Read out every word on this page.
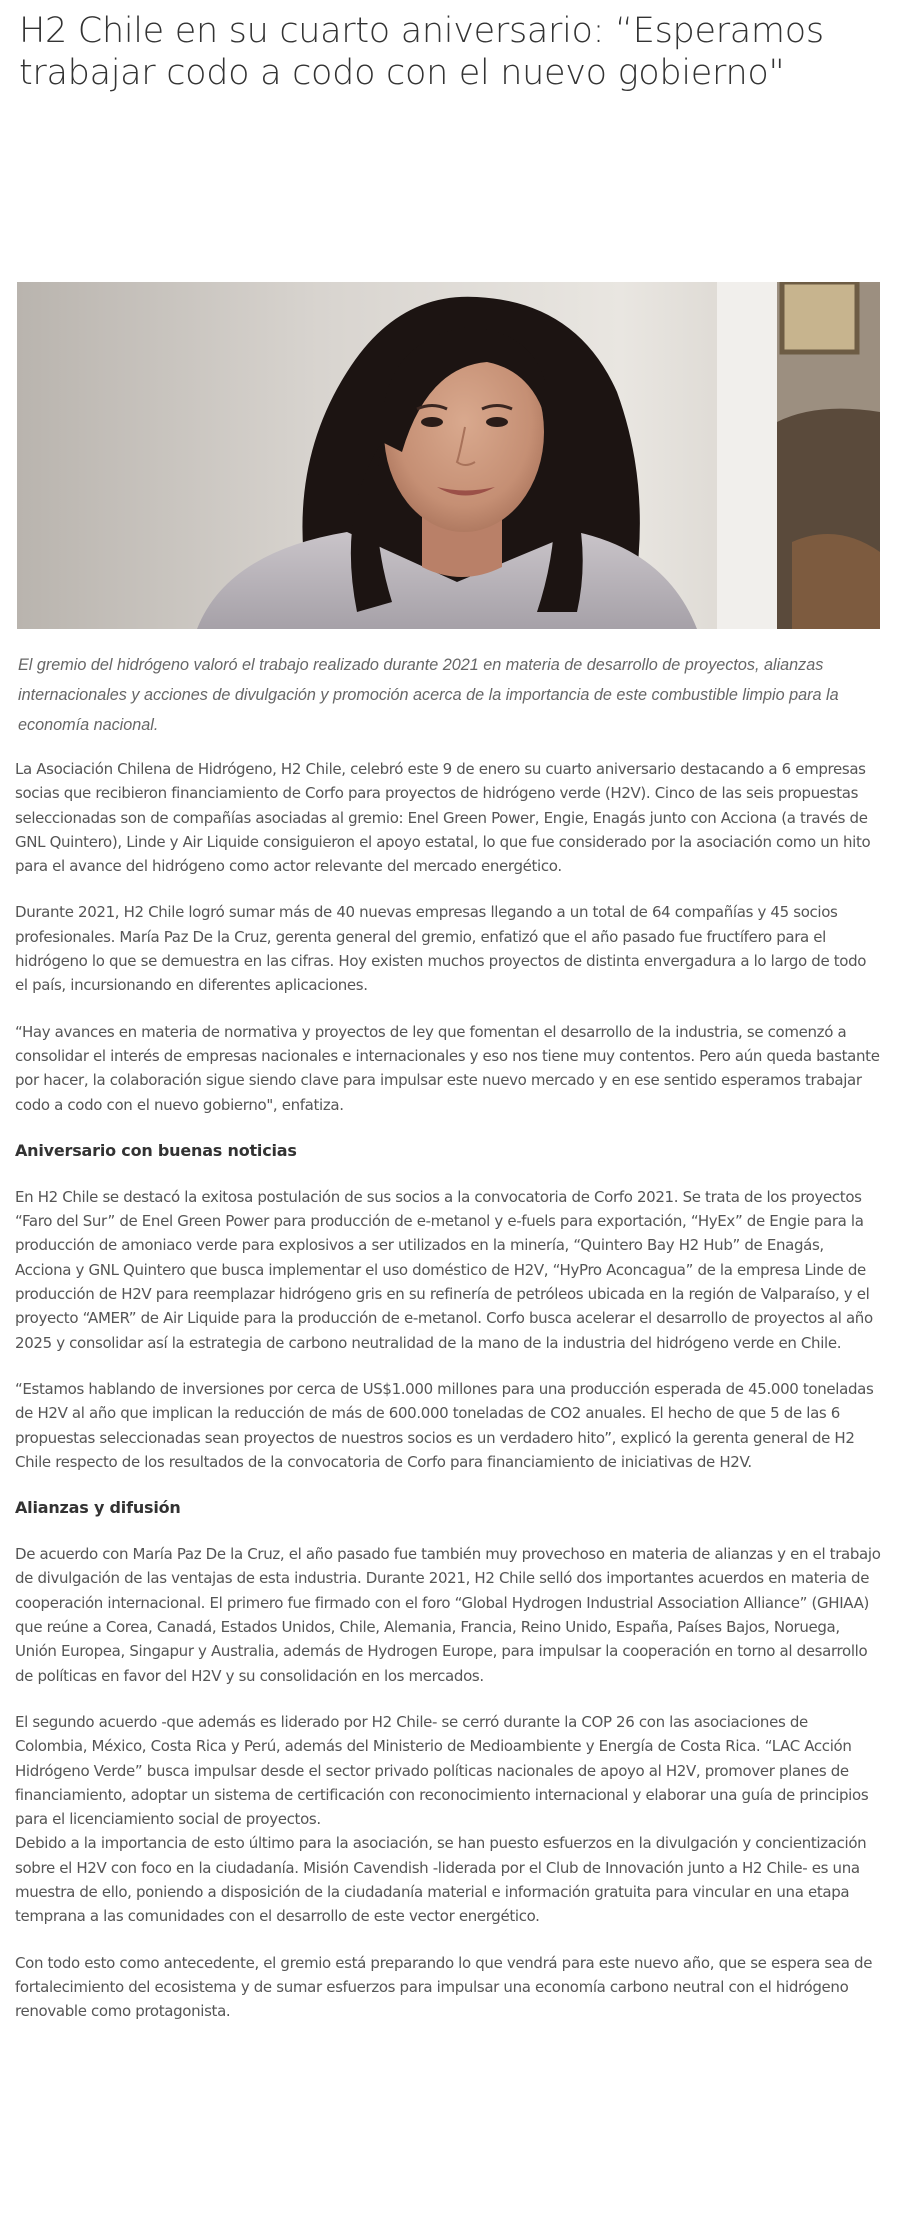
H2 Chile en su cuarto aniversario: “Esperamos trabajar codo a codo con el nuevo gobierno"

El gremio del hidrógeno valoró el trabajo realizado durante 2021 en materia de desarrollo de proyectos, alianzas internacionales y acciones de divulgación y promoción acerca de la importancia de este combustible limpio para la economía nacional.

La Asociación Chilena de Hidrógeno, H2 Chile, celebró este 9 de enero su cuarto aniversario destacando a 6 empresas socias que recibieron financiamiento de Corfo para proyectos de hidrógeno verde (H2V). Cinco de las seis propuestas seleccionadas son de compañías asociadas al gremio: Enel Green Power, Engie, Enagás junto con Acciona (a través de GNL Quintero), Linde y Air Liquide consiguieron el apoyo estatal, lo que fue considerado por la asociación como un hito para el avance del hidrógeno como actor relevante del mercado energético.

Durante 2021, H2 Chile logró sumar más de 40 nuevas empresas llegando a un total de 64 compañías y 45 socios profesionales. María Paz De la Cruz, gerenta general del gremio, enfatizó que el año pasado fue fructífero para el hidrógeno lo que se demuestra en las cifras. Hoy existen muchos proyectos de distinta envergadura a lo largo de todo el país, incursionando en diferentes aplicaciones.

“Hay avances en materia de normativa y proyectos de ley que fomentan el desarrollo de la industria, se comenzó a consolidar el interés de empresas nacionales e internacionales y eso nos tiene muy contentos. Pero aún queda bastante por hacer, la colaboración sigue siendo clave para impulsar este nuevo mercado y en ese sentido esperamos trabajar codo a codo con el nuevo gobierno", enfatiza.

Aniversario con buenas noticias

En H2 Chile se destacó la exitosa postulación de sus socios a la convocatoria de Corfo 2021. Se trata de los proyectos “Faro del Sur” de Enel Green Power para producción de e-metanol y e-fuels para exportación, “HyEx” de Engie para la producción de amoniaco verde para explosivos a ser utilizados en la minería, “Quintero Bay H2 Hub” de Enagás, Acciona y GNL Quintero que busca implementar el uso doméstico de H2V, “HyPro Aconcagua” de la empresa Linde de producción de H2V para reemplazar hidrógeno gris en su refinería de petróleos ubicada en la región de Valparaíso, y el proyecto “AMER” de Air Liquide para la producción de e-metanol. Corfo busca acelerar el desarrollo de proyectos al año 2025 y consolidar así la estrategia de carbono neutralidad de la mano de la industria del hidrógeno verde en Chile.

“Estamos hablando de inversiones por cerca de US$1.000 millones para una producción esperada de 45.000 toneladas de H2V al año que implican la reducción de más de 600.000 toneladas de CO2 anuales. El hecho de que 5 de las 6 propuestas seleccionadas sean proyectos de nuestros socios es un verdadero hito”, explicó la gerenta general de H2 Chile respecto de los resultados de la convocatoria de Corfo para financiamiento de iniciativas de H2V.

Alianzas y difusión

De acuerdo con María Paz De la Cruz, el año pasado fue también muy provechoso en materia de alianzas y en el trabajo de divulgación de las ventajas de esta industria. Durante 2021, H2 Chile selló dos importantes acuerdos en materia de cooperación internacional. El primero fue firmado con el foro “Global Hydrogen Industrial Association Alliance” (GHIAA) que reúne a Corea, Canadá, Estados Unidos, Chile, Alemania, Francia, Reino Unido, España, Países Bajos, Noruega, Unión Europea, Singapur y Australia, además de Hydrogen Europe, para impulsar la cooperación en torno al desarrollo de políticas en favor del H2V y su consolidación en los mercados.

El segundo acuerdo -que además es liderado por H2 Chile- se cerró durante la COP 26 con las asociaciones de Colombia, México, Costa Rica y Perú, además del Ministerio de Medioambiente y Energía de Costa Rica. “LAC Acción Hidrógeno Verde” busca impulsar desde el sector privado políticas nacionales de apoyo al H2V, promover planes de financiamiento, adoptar un sistema de certificación con reconocimiento internacional y elaborar una guía de principios para el licenciamiento social de proyectos.

Debido a la importancia de esto último para la asociación, se han puesto esfuerzos en la divulgación y concientización sobre el H2V con foco en la ciudadanía. Misión Cavendish -liderada por el Club de Innovación junto a H2 Chile- es una muestra de ello, poniendo a disposición de la ciudadanía material e información gratuita para vincular en una etapa temprana a las comunidades con el desarrollo de este vector energético.

Con todo esto como antecedente, el gremio está preparando lo que vendrá para este nuevo año, que se espera sea de fortalecimiento del ecosistema y de sumar esfuerzos para impulsar una economía carbono neutral con el hidrógeno renovable como protagonista.
